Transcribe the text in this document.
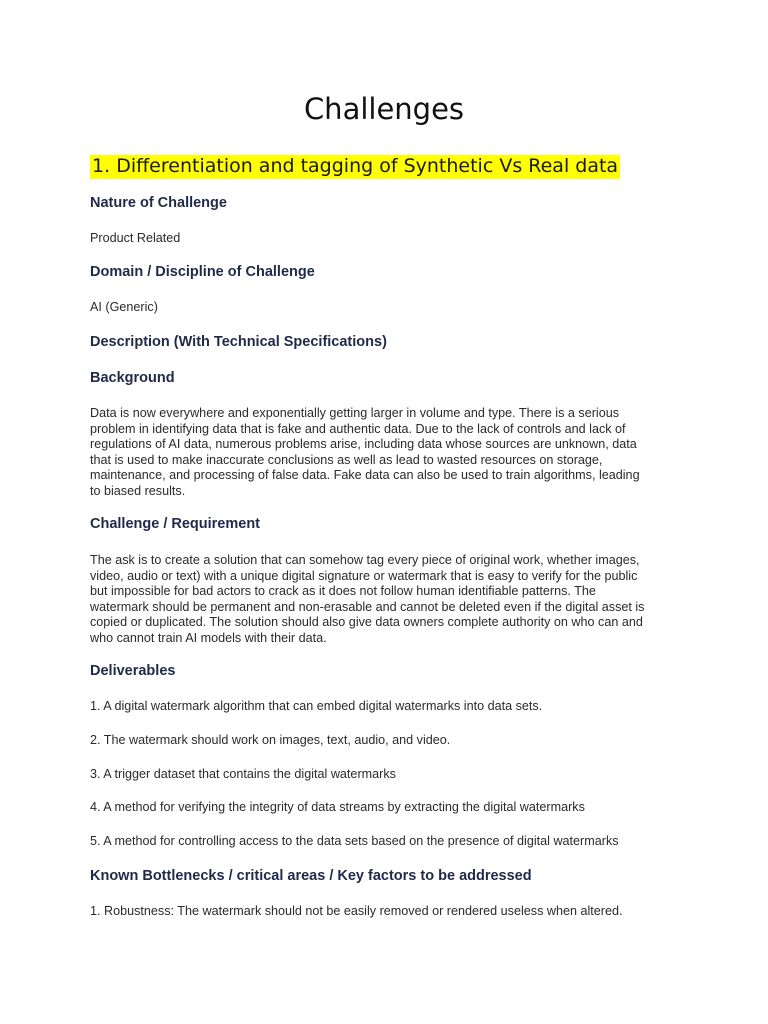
Challenges
1. Differentiation and tagging of Synthetic Vs Real data
Nature of Challenge

Product Related

Domain / Discipline of Challenge

AI (Generic)

Description (With Technical Specifications)
Background
Data is now everywhere and exponentially getting larger in volume and type. There is a serious
problem in identifying data that is fake and authentic data. Due to the lack of controls and lack of
regulations of AI data, numerous problems arise, including data whose sources are unknown, data
that is used to make inaccurate conclusions as well as lead to wasted resources on storage,
maintenance, and processing of false data. Fake data can also be used to train algorithms, leading
to biased results.
Challenge / Requirement
The ask is to create a solution that can somehow tag every piece of original work, whether images,
video, audio or text) with a unique digital signature or watermark that is easy to verify for the public
but impossible for bad actors to crack as it does not follow human identifiable patterns. The
watermark should be permanent and non-erasable and cannot be deleted even if the digital asset is
copied or duplicated. The solution should also give data owners complete authority on who can and
who cannot train AI models with their data.
Deliverables

1. A digital watermark algorithm that can embed digital watermarks into data sets.

2. The watermark should work on images, text, audio, and video.

3. A trigger dataset that contains the digital watermarks

4. A method for verifying the integrity of data streams by extracting the digital watermarks

5. A method for controlling access to the data sets based on the presence of digital watermarks

Known Bottlenecks / critical areas / Key factors to be addressed

1. Robustness: The watermark should not be easily removed or rendered useless when altered.
